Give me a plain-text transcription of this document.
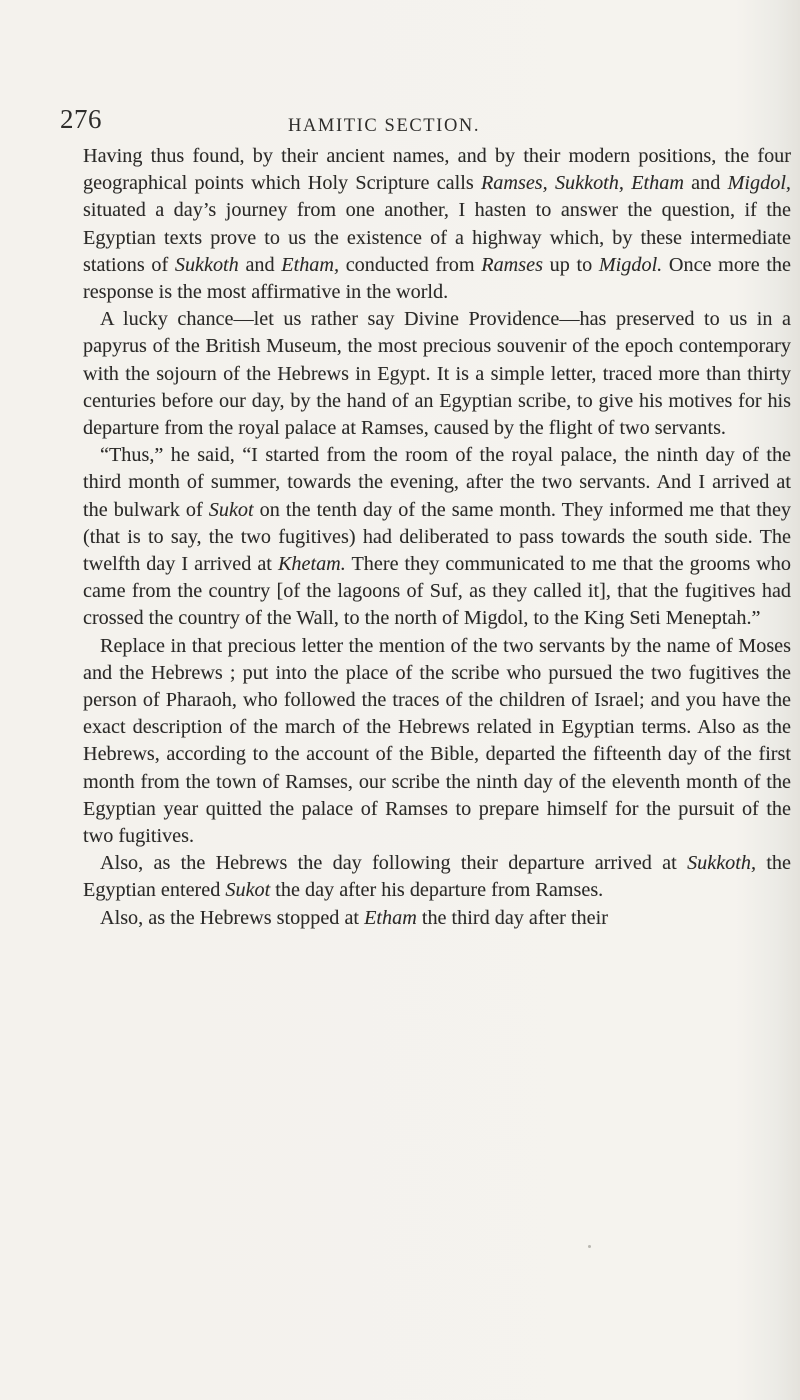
276	HAMITIC SECTION.

Having thus found, by their ancient names, and by their modern positions, the four geographical points which Holy Scripture calls Ramses, Sukkoth, Etham and Migdol, situated a day’s journey from one another, I hasten to answer the question, if the Egyptian texts prove to us the existence of a highway which, by these intermediate stations of Sukkoth and Etham, conducted from Ramses up to Migdol. Once more the response is the most affirmative in the world.

A lucky chance—let us rather say Divine Providence—has preserved to us in a papyrus of the British Museum, the most precious souvenir of the epoch contemporary with the sojourn of the Hebrews in Egypt. It is a simple letter, traced more than thirty centuries before our day, by the hand of an Egyptian scribe, to give his motives for his departure from the royal palace at Ramses, caused by the flight of two servants.

“Thus,” he said, “I started from the room of the royal palace, the ninth day of the third month of summer, towards the evening, after the two servants. And I arrived at the bulwark of Sukot on the tenth day of the same month. They informed me that they (that is to say, the two fugitives) had deliberated to pass towards the south side. The twelfth day I arrived at Khetam. There they communicated to me that the grooms who came from the country [of the lagoons of Suf, as they called it], that the fugitives had crossed the country of the Wall, to the north of Migdol, to the King Seti Meneptah.”

Replace in that precious letter the mention of the two servants by the name of Moses and the Hebrews ; put into the place of the scribe who pursued the two fugitives the person of Pharaoh, who followed the traces of the children of Israel; and you have the exact description of the march of the Hebrews related in Egyptian terms. Also as the Hebrews, according to the account of the Bible, departed the fifteenth day of the first month from the town of Ramses, our scribe the ninth day of the eleventh month of the Egyptian year quitted the palace of Ramses to prepare himself for the pursuit of the two fugitives.

Also, as the Hebrews the day following their departure arrived at Sukkoth, the Egyptian entered Sukot the day after his departure from Ramses.

Also, as the Hebrews stopped at Etham the third day after their
